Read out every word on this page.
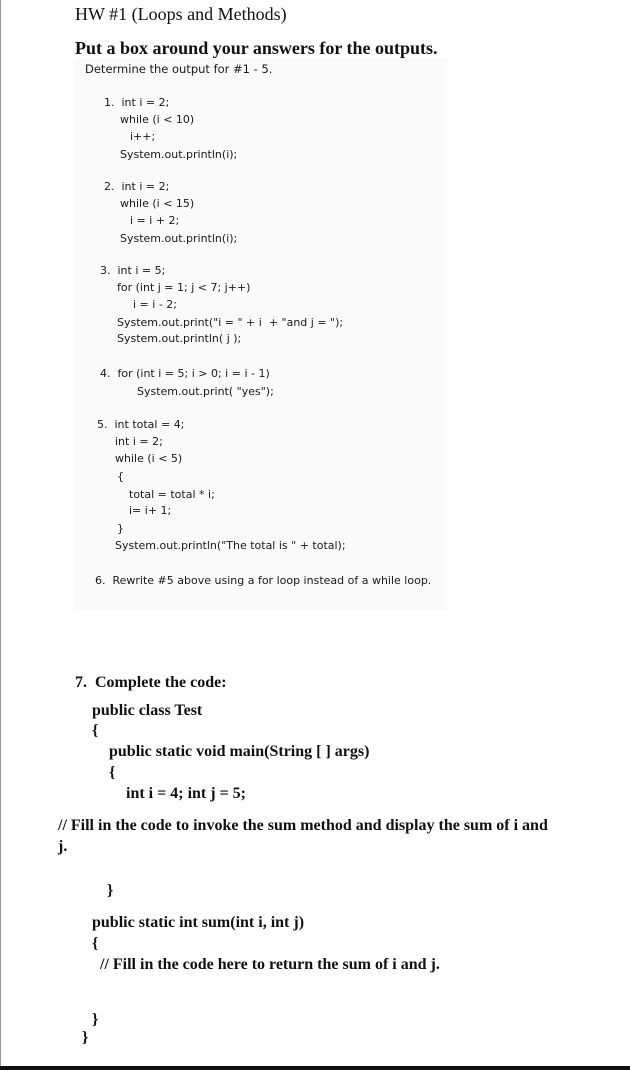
HW #1 (Loops and Methods)
Put a box around your answers for the outputs.
Determine the output for #1 - 5.
1.  int i = 2;
while (i < 10)
i++;
System.out.println(i);
2.  int i = 2;
while (i < 15)
i = i + 2;
System.out.println(i);
3.  int i = 5;
for (int j = 1; j < 7; j++)
i = i - 2;
System.out.print("i = " + i  + "and j = ");
System.out.println( j );
4.  for (int i = 5; i > 0; i = i - 1)
System.out.print( "yes");
5.  int total = 4;
int i = 2;
while (i < 5)
{
total = total * i;
i= i+ 1;
}
System.out.println("The total is " + total);
6.  Rewrite #5 above using a for loop instead of a while loop.
7.  Complete the code:
public class Test
{
public static void main(String [ ] args)
{
int i = 4; int j = 5;
// Fill in the code to invoke the sum method and display the sum of i and
j.
}
public static int sum(int i, int j)
{
// Fill in the code here to return the sum of i and j.
}
}
